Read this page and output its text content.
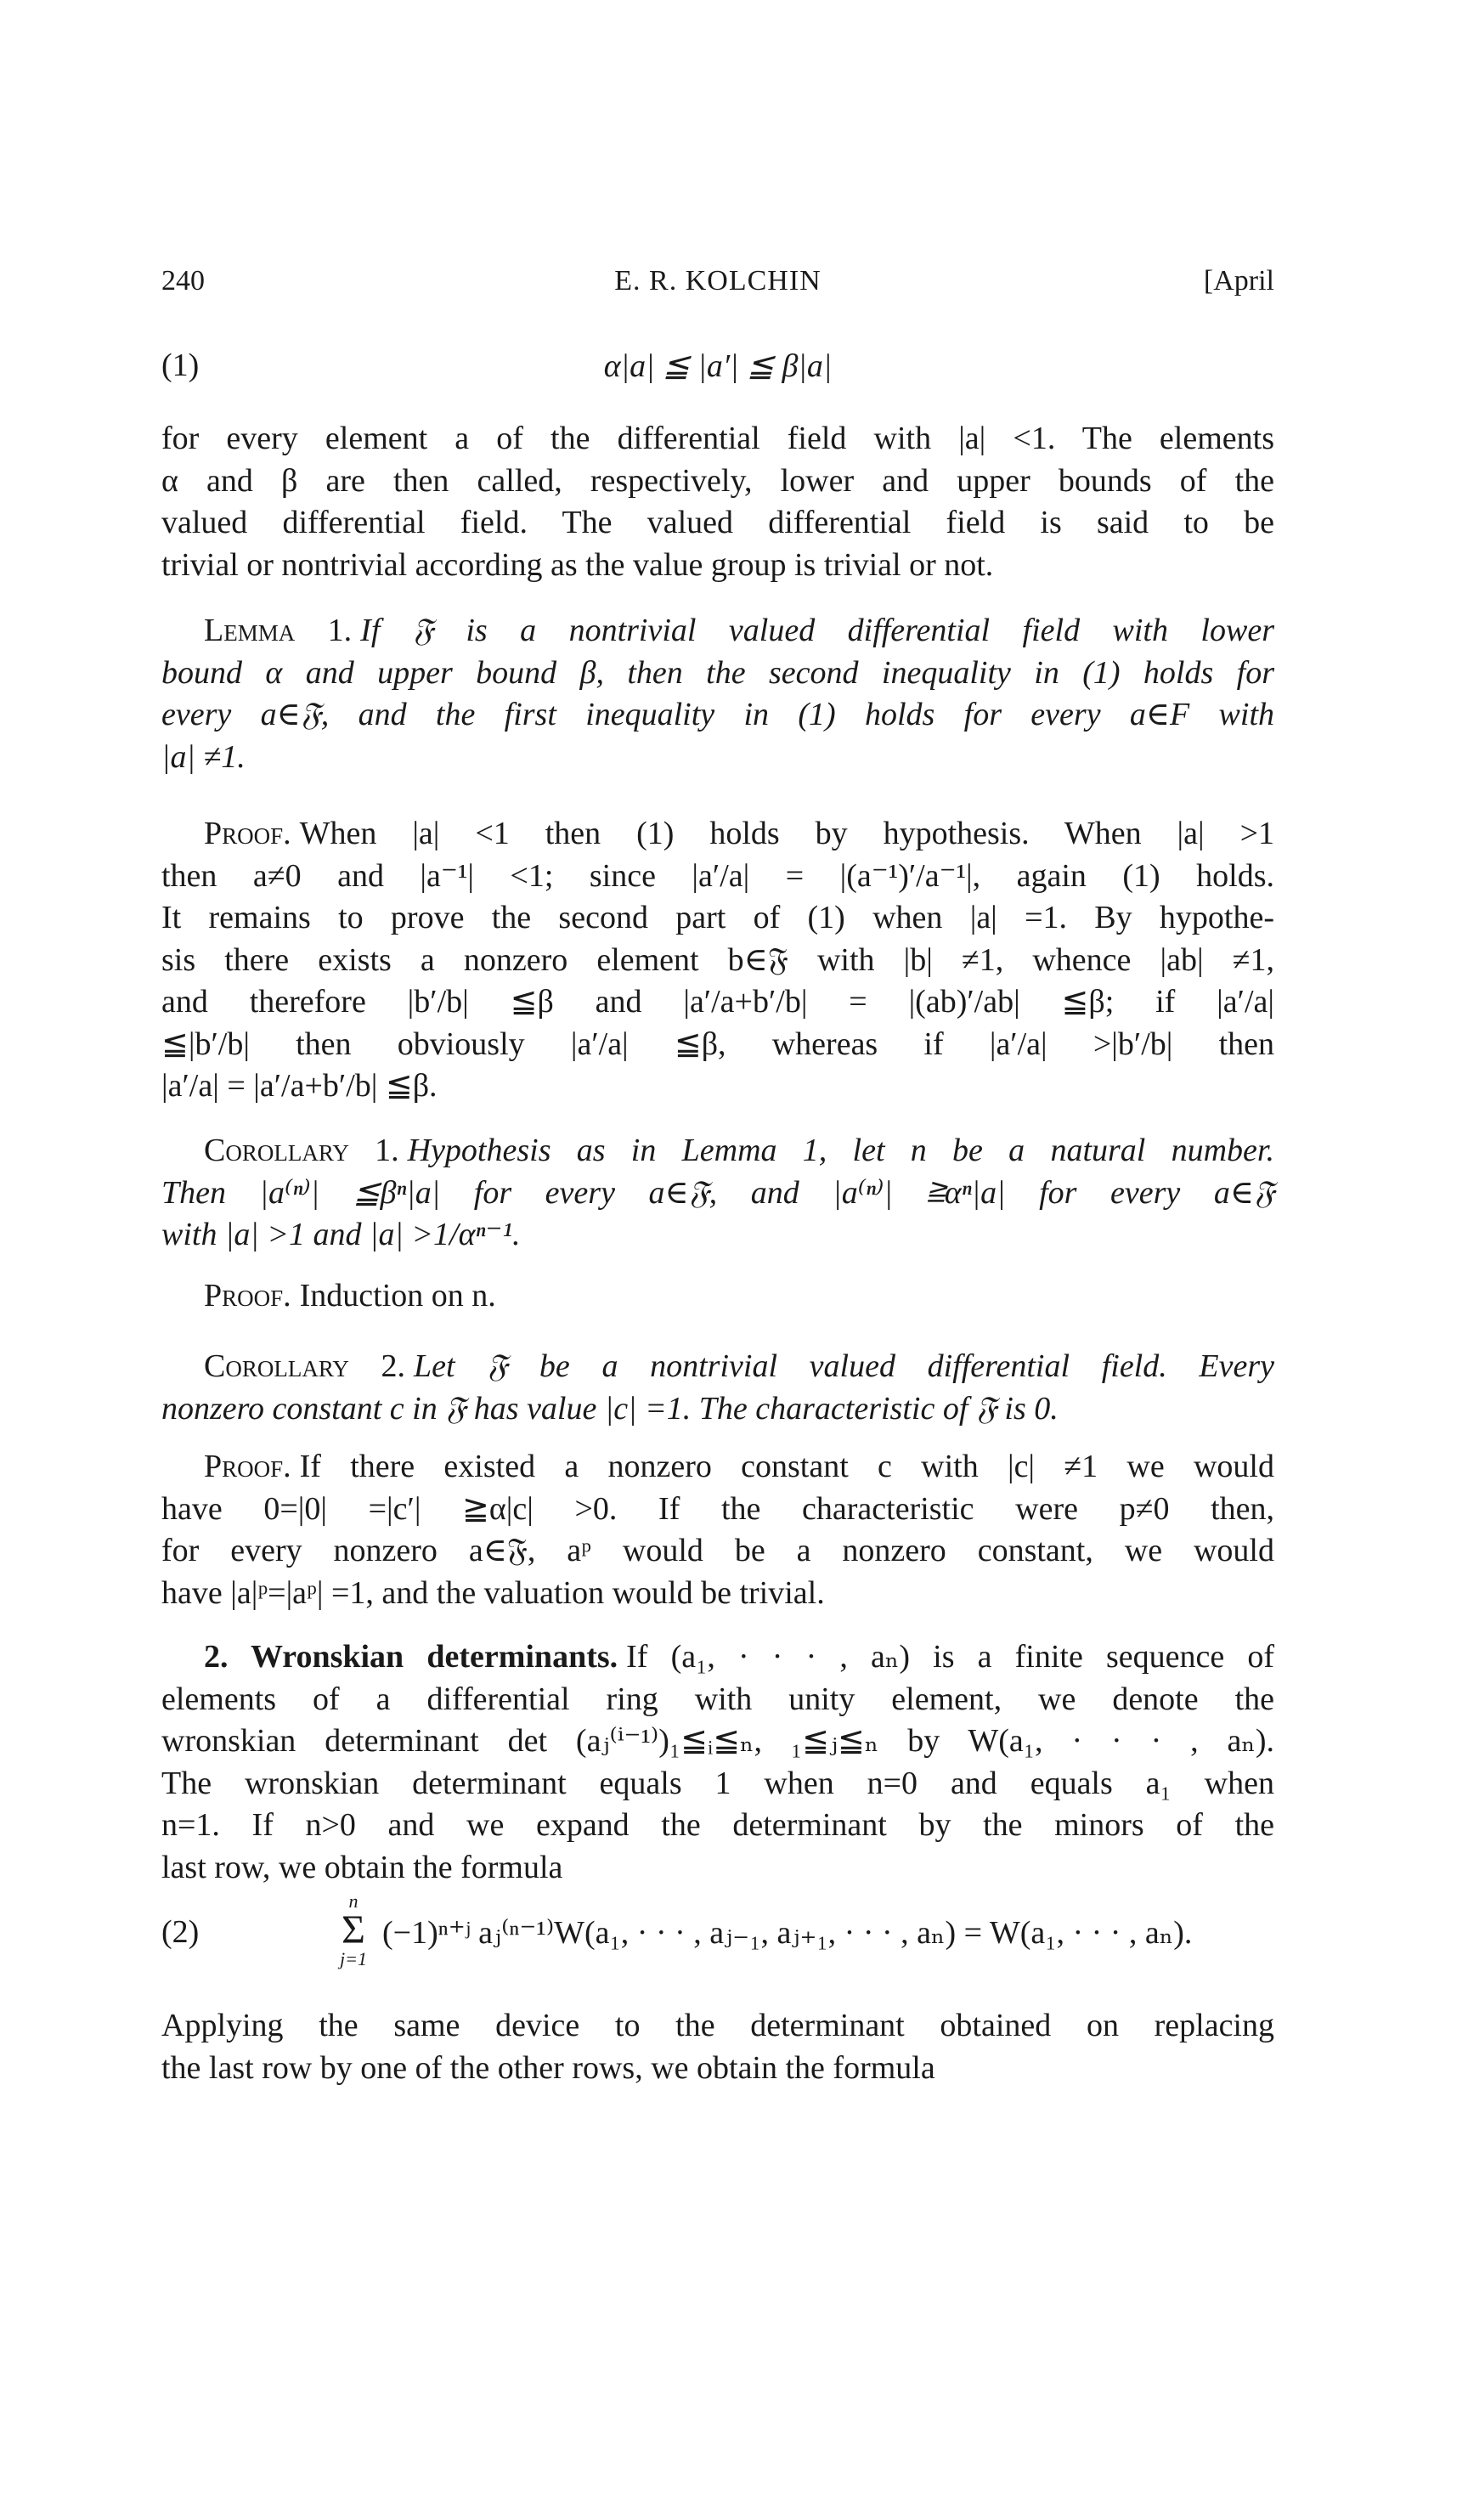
240	E. R. KOLCHIN	[April
(1)	α|a| ≦ |a′| ≦ β|a|
for every element a of the differential field with |a| <1. The elements
α and β are then called, respectively, lower and upper bounds of the
valued differential field. The valued differential field is said to be
trivial or nontrivial according as the value group is trivial or not.
Lemma 1. If 𝔉 is a nontrivial valued differential field with lower
bound α and upper bound β, then the second inequality in (1) holds for
every a∈𝔉, and the first inequality in (1) holds for every a∈F with
|a| ≠1.
Proof. When |a| <1 then (1) holds by hypothesis. When |a| >1
then a≠0 and |a⁻¹| <1; since |a′/a| = |(a⁻¹)′/a⁻¹|, again (1) holds.
It remains to prove the second part of (1) when |a| =1. By hypothe-
sis there exists a nonzero element b∈𝔉 with |b| ≠1, whence |ab| ≠1,
and therefore |b′/b| ≦β and |a′/a+b′/b| = |(ab)′/ab| ≦β; if |a′/a|
≦|b′/b| then obviously |a′/a| ≦β, whereas if |a′/a| >|b′/b| then
|a′/a| = |a′/a+b′/b| ≦β.
Corollary 1. Hypothesis as in Lemma 1, let n be a natural number.
Then |a⁽ⁿ⁾| ≦βⁿ|a| for every a∈𝔉, and |a⁽ⁿ⁾| ≧αⁿ|a| for every a∈𝔉
with |a| >1 and |a| >1/αⁿ⁻¹.
Proof. Induction on n.
Corollary 2. Let 𝔉 be a nontrivial valued differential field. Every
nonzero constant c in 𝔉 has value |c| =1. The characteristic of 𝔉 is 0.
Proof. If there existed a nonzero constant c with |c| ≠1 we would
have 0=|0| =|c′| ≧α|c| >0. If the characteristic were p≠0 then,
for every nonzero a∈𝔉, aᵖ would be a nonzero constant, we would
have |a|ᵖ=|aᵖ| =1, and the valuation would be trivial.
2. Wronskian determinants. If (a₁, · · · , aₙ) is a finite sequence of
elements of a differential ring with unity element, we denote the
wronskian determinant det (aⱼ⁽ⁱ⁻¹⁾)₁≦ᵢ≦ₙ, ₁≦ⱼ≦ₙ by W(a₁, · · · , aₙ).
The wronskian determinant equals 1 when n=0 and equals a₁ when
n=1. If n>0 and we expand the determinant by the minors of the
last row, we obtain the formula
Applying the same device to the determinant obtained on replacing
the last row by one of the other rows, we obtain the formula
(2)
n
Σ
j=1
(−1)ⁿ⁺ʲ aⱼ⁽ⁿ⁻¹⁾W(a₁, · · · , aⱼ₋₁, aⱼ₊₁, · · · , aₙ) = W(a₁, · · · , aₙ).
